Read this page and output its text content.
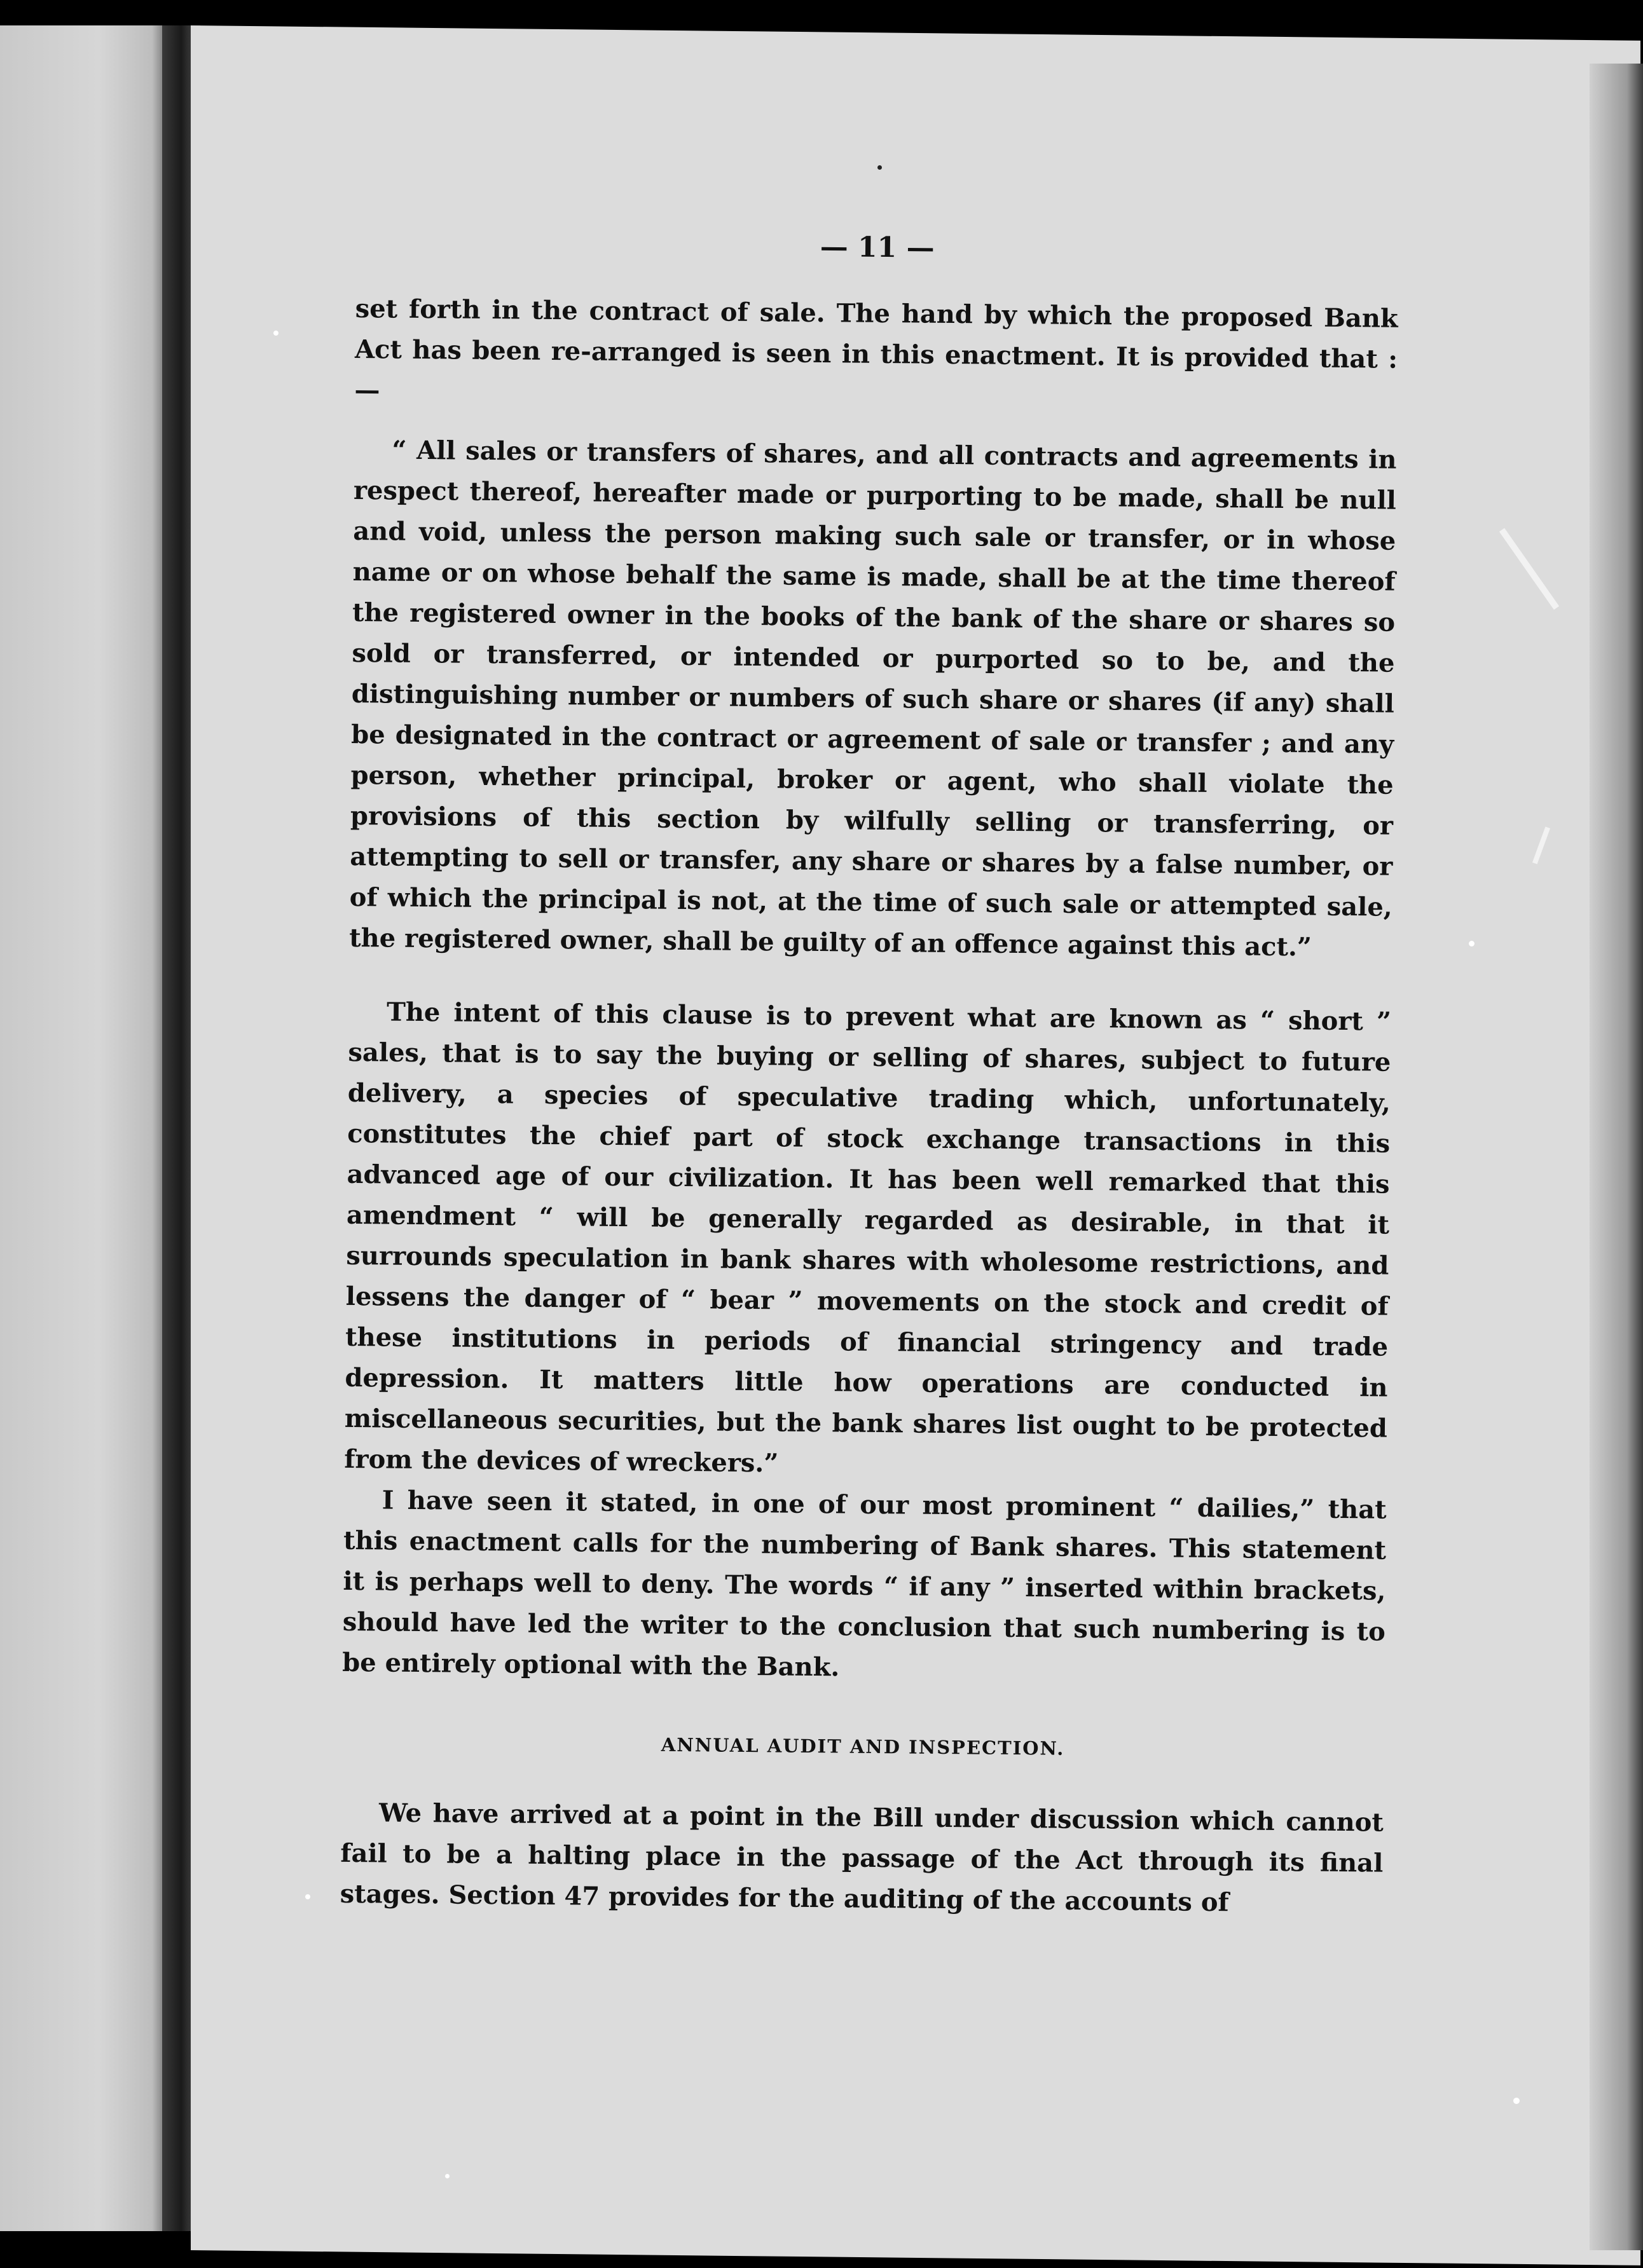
— 11 —

set forth in the contract of sale. The hand by which the proposed Bank Act has been re-arranged is seen in this enactment. It is provided that :—

“ All sales or transfers of shares, and all contracts and agreements in respect thereof, hereafter made or purporting to be made, shall be null and void, unless the person making such sale or transfer, or in whose name or on whose behalf the same is made, shall be at the time thereof the registered owner in the books of the bank of the share or shares so sold or transferred, or intended or purported so to be, and the distinguishing number or numbers of such share or shares (if any) shall be designated in the contract or agreement of sale or transfer ; and any person, whether principal, broker or agent, who shall violate the provisions of this section by wilfully selling or transferring, or attempting to sell or transfer, any share or shares by a false number, or of which the principal is not, at the time of such sale or attempted sale, the registered owner, shall be guilty of an offence against this act.”

The intent of this clause is to prevent what are known as “ short ” sales, that is to say the buying or selling of shares, subject to future delivery, a species of speculative trading which, unfortunately, constitutes the chief part of stock exchange transactions in this advanced age of our civilization. It has been well remarked that this amendment “ will be generally regarded as desirable, in that it surrounds speculation in bank shares with wholesome restrictions, and lessens the danger of “ bear ” movements on the stock and credit of these institutions in periods of financial stringency and trade depression. It matters little how operations are conducted in miscellaneous securities, but the bank shares list ought to be protected from the devices of wreckers.”

I have seen it stated, in one of our most prominent “ dailies,” that this enactment calls for the numbering of Bank shares. This statement it is perhaps well to deny. The words “ if any ” inserted within brackets, should have led the writer to the conclusion that such numbering is to be entirely optional with the Bank.

ANNUAL AUDIT AND INSPECTION.

We have arrived at a point in the Bill under discussion which cannot fail to be a halting place in the passage of the Act through its final stages. Section 47 provides for the auditing of the accounts of
